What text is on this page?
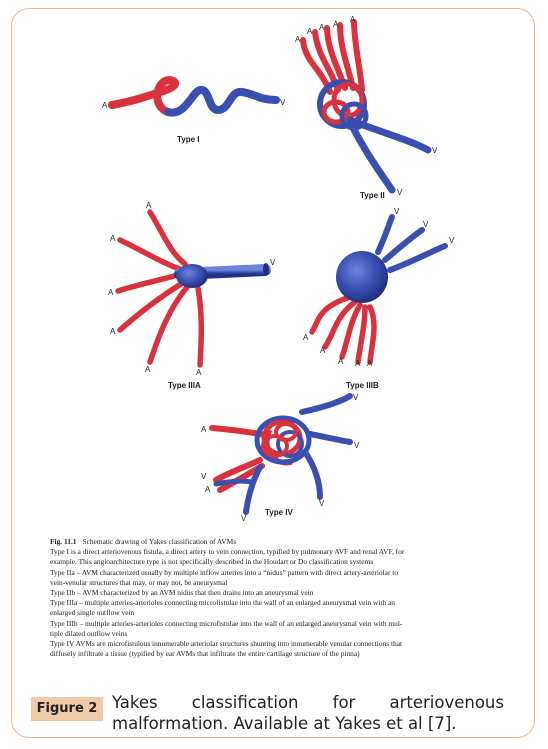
A	V
Type I
A
A A A
A
V
V
Type II
A
A
A
A
A	A
V
Type IIIA
V
V
V
A
A
A A A
Type IIIB
A
A
V
V
V
V
V
Type IV
Fig. 11.1 Schematic drawing of Yakes classification of AVMs
Type I is a direct arteriovenous fistula, a direct artery to vein connection, typified by pulmonary AVF and renal AVF, for
example. This angioarchitecture type is not specifically described in the Houdart or Do classification systems
Type IIa – AVM characterized usually by multiple inflow arteries into a “nidus” pattern with direct artery-arteriolar to
vein-venular structures that may, or may not, be aneurysmal
Type IIb – AVM characterized by an AVM nidus that then drains into an aneurysmal vein
Type IIIa – multiple arteries-arterioles connecting microfistulae into the wall of an enlarged aneurysmal vein with an
enlarged single outflow vein
Type IIIb – multiple arteries-arterioles connecting microfistulae into the wall of an enlarged aneurysmal vein with mul-
tiple dilated outflow veins
Type IV AVMs are microfistulous innumerable arteriolar structures shunting into innumerable venular connections that
diffusely infiltrate a tissue (typified by ear AVMs that infiltrate the entire cartilage structure of the pinna)
Figure 2 Yakes classification for arteriovenous malformation. Available at Yakes et al [7].
